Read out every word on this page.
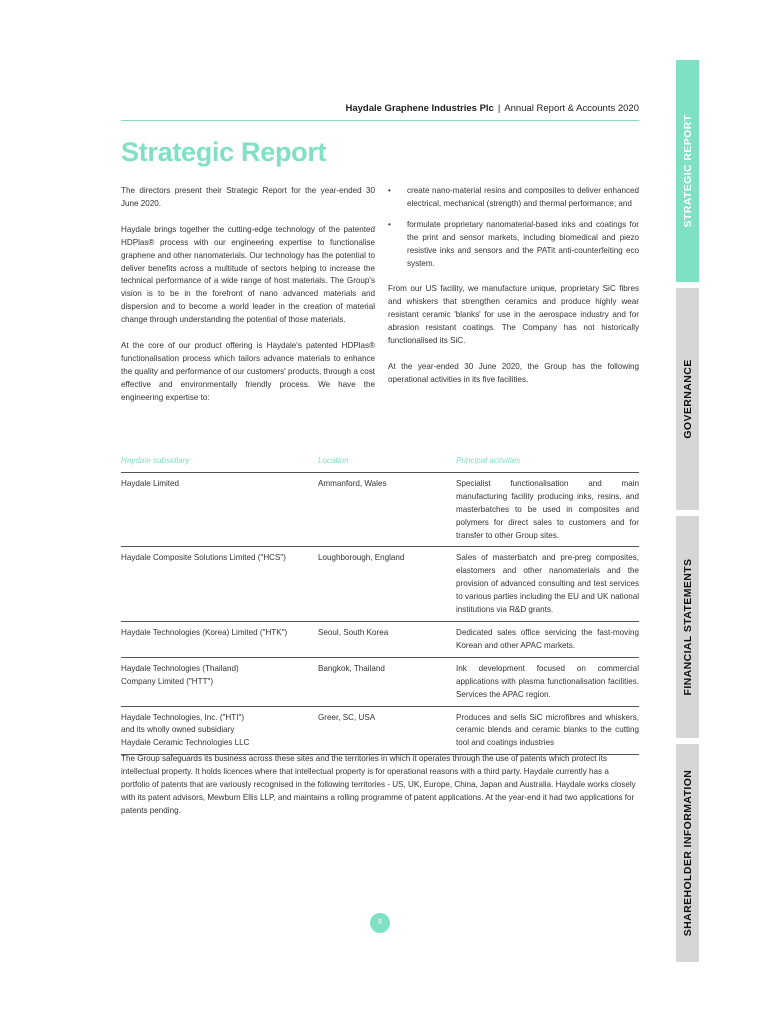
Haydale Graphene Industries Plc | Annual Report & Accounts 2020
Strategic Report

The directors present their Strategic Report for the year-ended 30 June 2020.

Haydale brings together the cutting-edge technology of the patented HDPlas® process with our engineering expertise to functionalise graphene and other nanomaterials. Our technology has the potential to deliver benefits across a multitude of sectors helping to increase the technical performance of a wide range of host materials. The Group's vision is to be in the forefront of nano advanced materials and dispersion and to become a world leader in the creation of material change through understanding the potential of those materials.

At the core of our product offering is Haydale's patented HDPlas® functionalisation process which tailors advance materials to enhance the quality and performance of our customers' products, through a cost effective and environmentally friendly process. We have the engineering expertise to:

• create nano-material resins and composites to deliver enhanced electrical, mechanical (strength) and thermal performance; and
• formulate proprietary nanomaterial-based inks and coatings for the print and sensor markets, including biomedical and piezo resistive inks and sensors and the PATit anti-counterfeiting eco system.

From our US facility, we manufacture unique, proprietary SiC fibres and whiskers that strengthen ceramics and produce highly wear resistant ceramic 'blanks' for use in the aerospace industry and for abrasion resistant coatings. The Company has not historically functionalised its SiC.

At the year-ended 30 June 2020, the Group has the following operational activities in its five facilities.

Haydale subsidiary	Location	Principal activities
Haydale Limited	Ammanford, Wales	Specialist functionalisation and main manufacturing facility producing inks, resins, and masterbatches to be used in composites and polymers for direct sales to customers and for transfer to other Group sites.
Haydale Composite Solutions Limited ("HCS")	Loughborough, England	Sales of masterbatch and pre-preg composites, elastomers and other nanomaterials and the provision of advanced consulting and test services to various parties including the EU and UK national institutions via R&D grants.
Haydale Technologies (Korea) Limited ("HTK")	Seoul, South Korea	Dedicated sales office servicing the fast-moving Korean and other APAC markets.
Haydale Technologies (Thailand)
Company Limited ("HTT")
Bangkok, Thailand	Ink development focused on commercial applications with plasma functionalisation facilities. Services the APAC region.
Haydale Technologies, Inc. ("HTI")
and its wholly owned subsidiary
Haydale Ceramic Technologies LLC
Greer, SC, USA	Produces and sells SiC microfibres and whiskers, ceramic blends and ceramic blanks to the cutting tool and coatings industries

The Group safeguards its business across these sites and the territories in which it operates through the use of patents which protect its intellectual property. It holds licences where that intellectual property is for operational reasons with a third party. Haydale currently has a portfolio of patents that are variously recognised in the following territories - US, UK, Europe, China, Japan and Australia. Haydale works closely with its patent advisors, Mewburn Ellis LLP, and maintains a rolling programme of patent applications. At the year-end it had two applications for patents pending.

9
STRATEGIC REPORT
GOVERNANCE
FINANCIAL STATEMENTS
SHAREHOLDER INFORMATION
